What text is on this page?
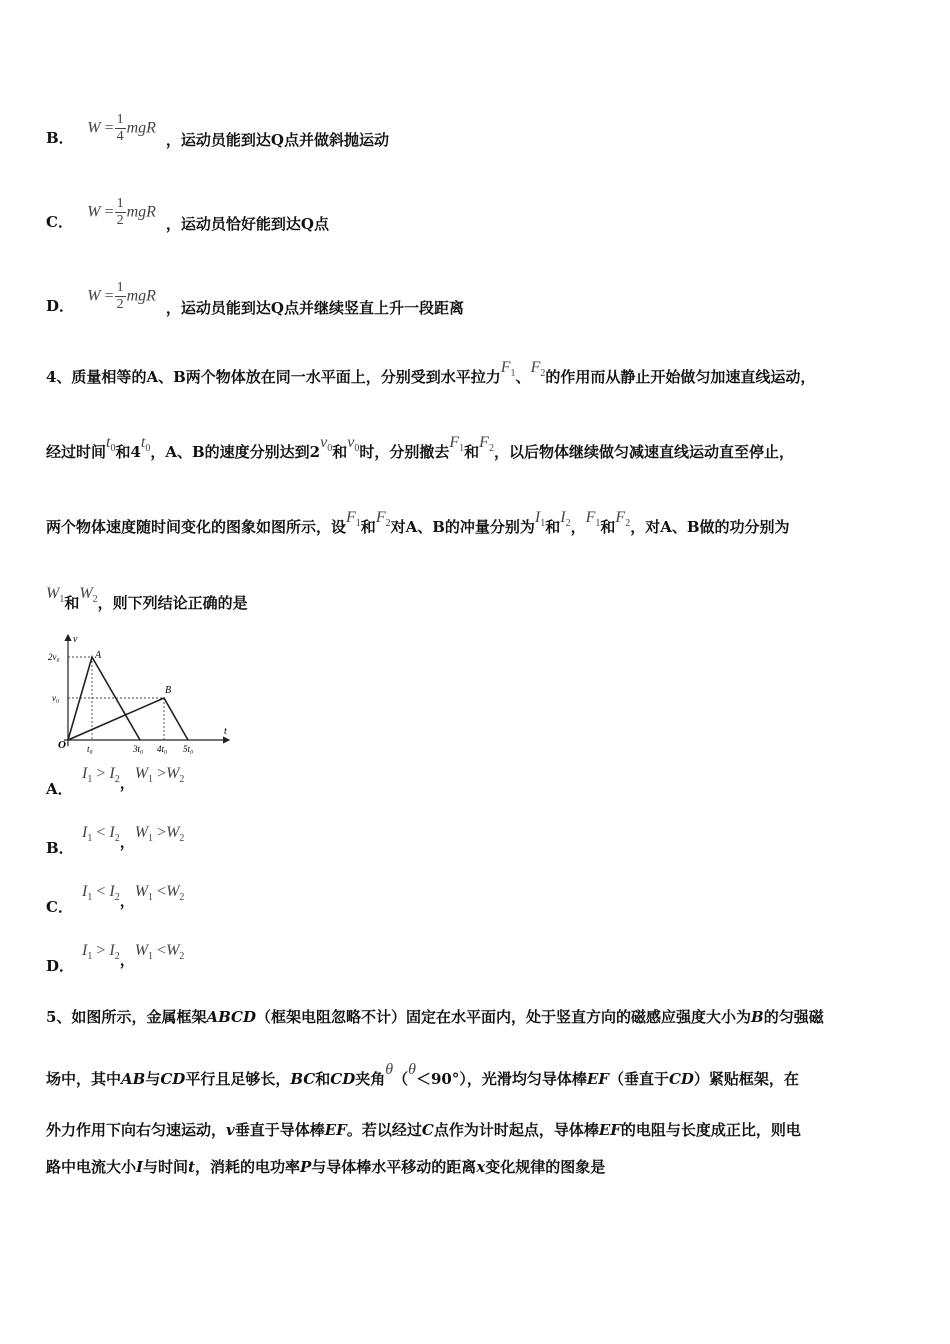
B． $W = \frac{1}{4}$ mgR，运动员能到达Q点并做斜抛运动
C． $W = \frac{1}{2}$ mgR，运动员恰好能到达Q点
D． $W = \frac{1}{2}$ mgR，运动员能到达Q点并继续竖直上升一段距离
4、质量相等的A、B两个物体放在同一水平面上，分别受到水平拉力$F_1$、$F_2$的作用而从静止开始做匀加速直线运动，
经过时间$t_0$和$4t_0$，A、B的速度分别达到$2v_0$和$v_0$时，分别撤去$F_1$和$F_2$，以后物体继续做匀减速直线运动直至停止，
两个物体速度随时间变化的图象如图所示，设$F_1$和$F_2$对A、B的冲量分别为$I_1$和$I_2$，$F_1$和$F_2$，对A、B做的功分别为
$W_1$和$W_2$，则下列结论正确的是
v
t
O
2v₀
v₀
t₀	3t₀ 4t₀ 5t₀
A
B
A．$I_1 > I_2$，$W_1 >W_2$
B．$I_1 < I_2$，$W_1 >W_2$
C．$I_1 < I_2$，$W_1 <W_2$
D．$I_1 > I_2$，$W_1 <W_2$
5、如图所示，金属框架ABCD（框架电阻忽略不计）固定在水平面内，处于竖直方向的磁感应强度大小为B的匀强磁
场中，其中AB与CD平行且足够长，BC和CD夹角θ（θ＜90°），光滑均匀导体棒EF（垂直于CD）紧贴框架，在
外力作用下向右匀速运动，v垂直于导体棒EF。若以经过C点作为计时起点，导体棒EF的电阻与长度成正比，则电
路中电流大小I与时间t，消耗的电功率P与导体棒水平移动的距离x变化规律的图象是
